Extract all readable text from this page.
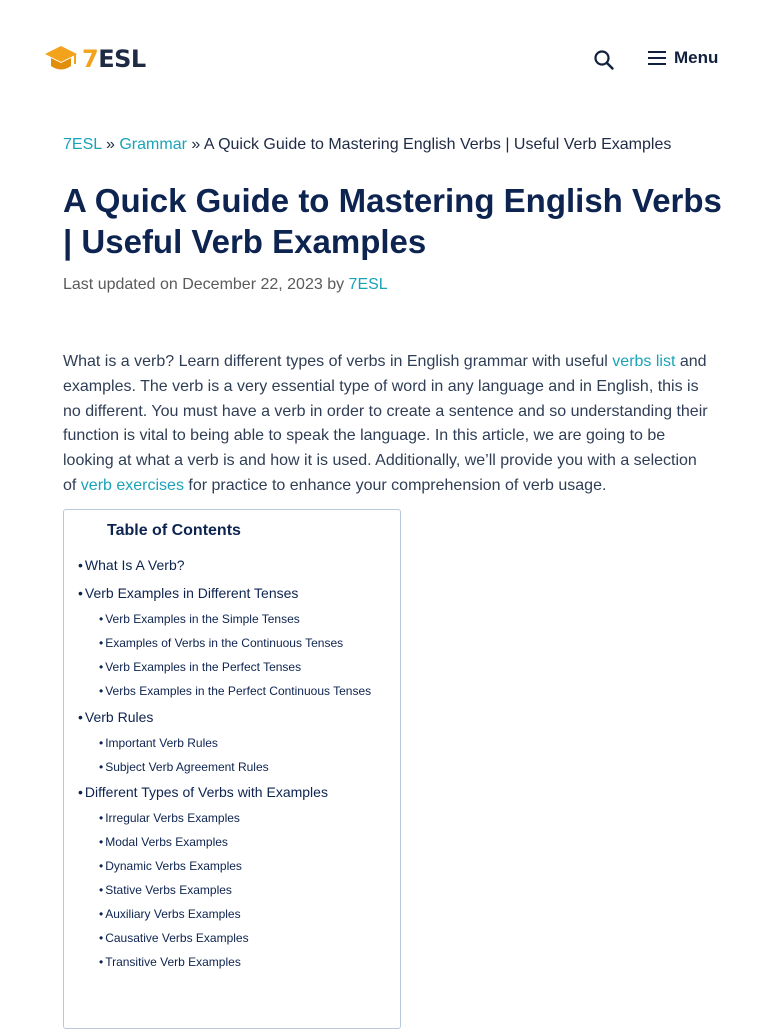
7ESL	Menu
7ESL » Grammar » A Quick Guide to Mastering English Verbs | Useful Verb Examples
A Quick Guide to Mastering English Verbs | Useful Verb Examples
Last updated on December 22, 2023 by 7ESL

What is a verb? Learn different types of verbs in English grammar with useful verbs list and examples. The verb is a very essential type of word in any language and in English, this is no different. You must have a verb in order to create a sentence and so understanding their function is vital to being able to speak the language. In this article, we are going to be looking at what a verb is and how it is used. Additionally, we’ll provide you with a selection of verb exercises for practice to enhance your comprehension of verb usage.

Table of Contents
• What Is A Verb?
• Verb Examples in Different Tenses
• Verb Examples in the Simple Tenses
• Examples of Verbs in the Continuous Tenses
• Verb Examples in the Perfect Tenses
• Verbs Examples in the Perfect Continuous Tenses
• Verb Rules
• Important Verb Rules
• Subject Verb Agreement Rules
• Different Types of Verbs with Examples
• Irregular Verbs Examples
• Modal Verbs Examples
• Dynamic Verbs Examples
• Stative Verbs Examples
• Auxiliary Verbs Examples
• Causative Verbs Examples
• Transitive Verb Examples
